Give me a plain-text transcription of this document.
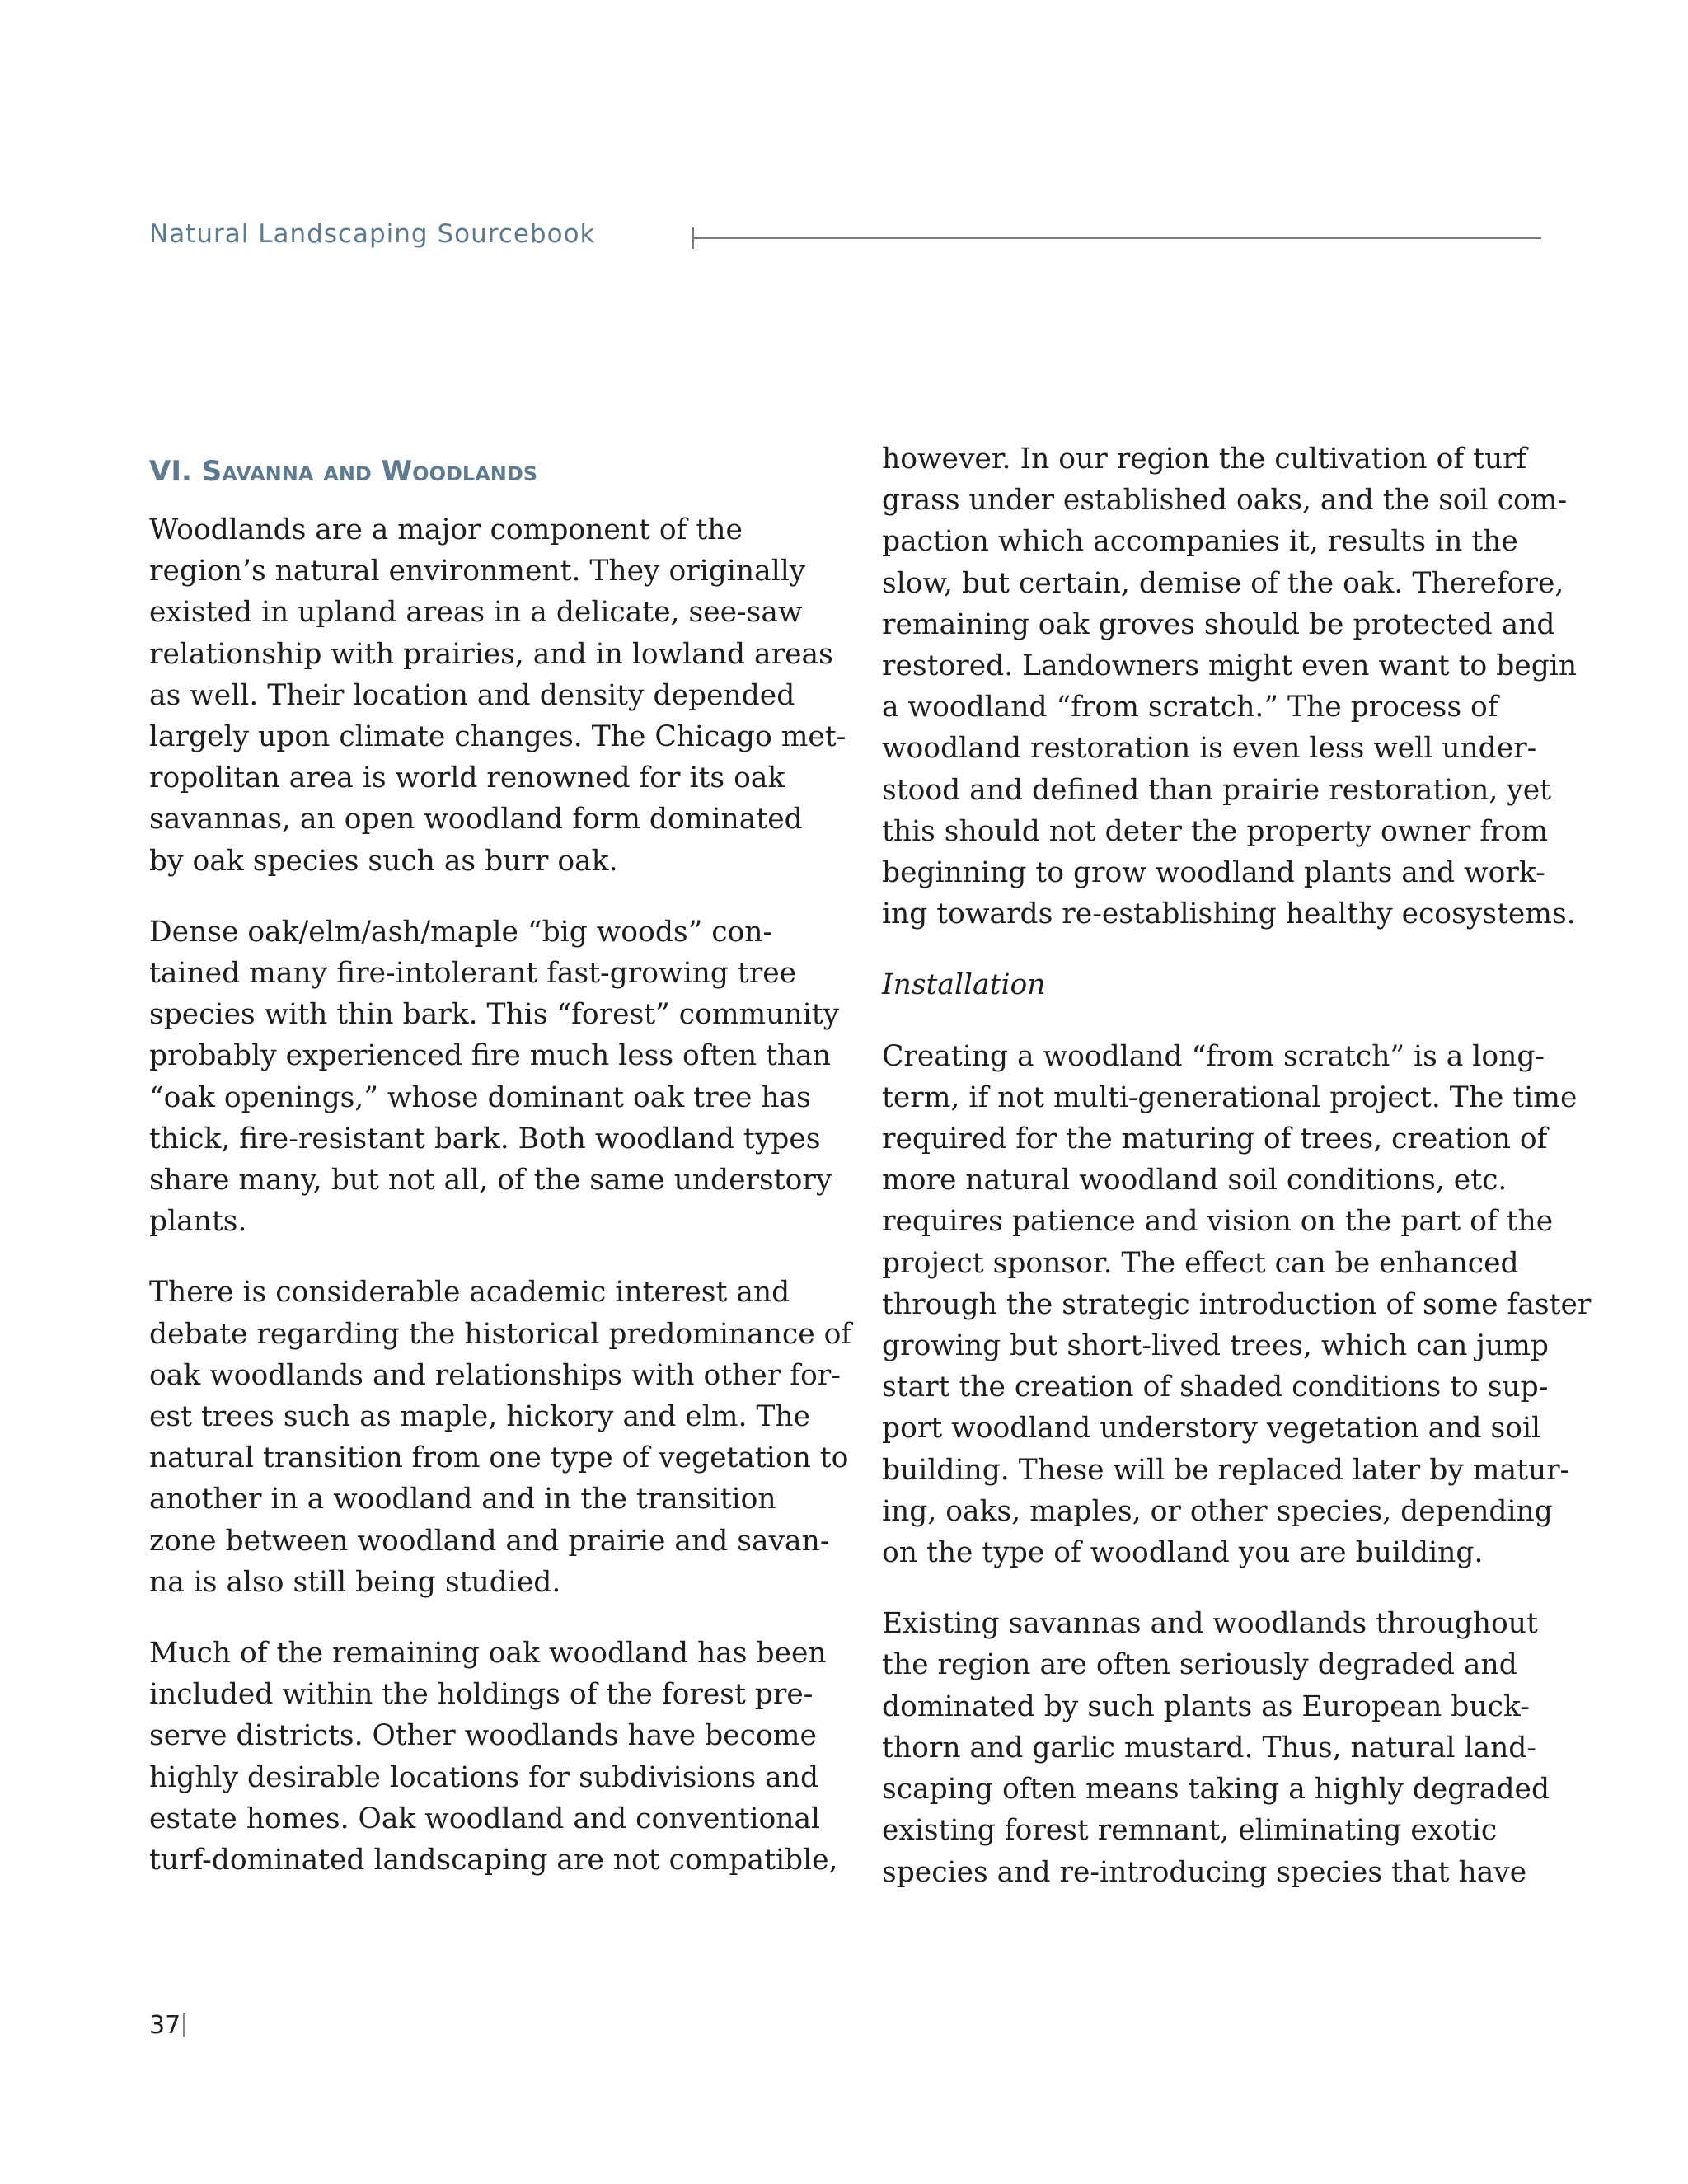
Natural Landscaping Sourcebook
VI. Savanna and Woodlands
Woodlands are a major component of the
region’s natural environment. They originally
existed in upland areas in a delicate, see-saw
relationship with prairies, and in lowland areas
as well. Their location and density depended
largely upon climate changes. The Chicago met-
ropolitan area is world renowned for its oak
savannas, an open woodland form dominated
by oak species such as burr oak.
Dense oak/elm/ash/maple “big woods” con-
tained many fire-intolerant fast-growing tree
species with thin bark. This “forest” community
probably experienced fire much less often than
“oak openings,” whose dominant oak tree has
thick, fire-resistant bark. Both woodland types
share many, but not all, of the same understory
plants.
There is considerable academic interest and
debate regarding the historical predominance of
oak woodlands and relationships with other for-
est trees such as maple, hickory and elm. The
natural transition from one type of vegetation to
another in a woodland and in the transition
zone between woodland and prairie and savan-
na is also still being studied.
Much of the remaining oak woodland has been
included within the holdings of the forest pre-
serve districts. Other woodlands have become
highly desirable locations for subdivisions and
estate homes. Oak woodland and conventional
turf-dominated landscaping are not compatible,
however. In our region the cultivation of turf
grass under established oaks, and the soil com-
paction which accompanies it, results in the
slow, but certain, demise of the oak. Therefore,
remaining oak groves should be protected and
restored. Landowners might even want to begin
a woodland “from scratch.” The process of
woodland restoration is even less well under-
stood and defined than prairie restoration, yet
this should not deter the property owner from
beginning to grow woodland plants and work-
ing towards re-establishing healthy ecosystems.
Installation
Creating a woodland “from scratch” is a long-
term, if not multi-generational project. The time
required for the maturing of trees, creation of
more natural woodland soil conditions, etc.
requires patience and vision on the part of the
project sponsor. The effect can be enhanced
through the strategic introduction of some faster
growing but short-lived trees, which can jump
start the creation of shaded conditions to sup-
port woodland understory vegetation and soil
building. These will be replaced later by matur-
ing, oaks, maples, or other species, depending
on the type of woodland you are building.
Existing savannas and woodlands throughout
the region are often seriously degraded and
dominated by such plants as European buck-
thorn and garlic mustard. Thus, natural land-
scaping often means taking a highly degraded
existing forest remnant, eliminating exotic
species and re-introducing species that have
37
